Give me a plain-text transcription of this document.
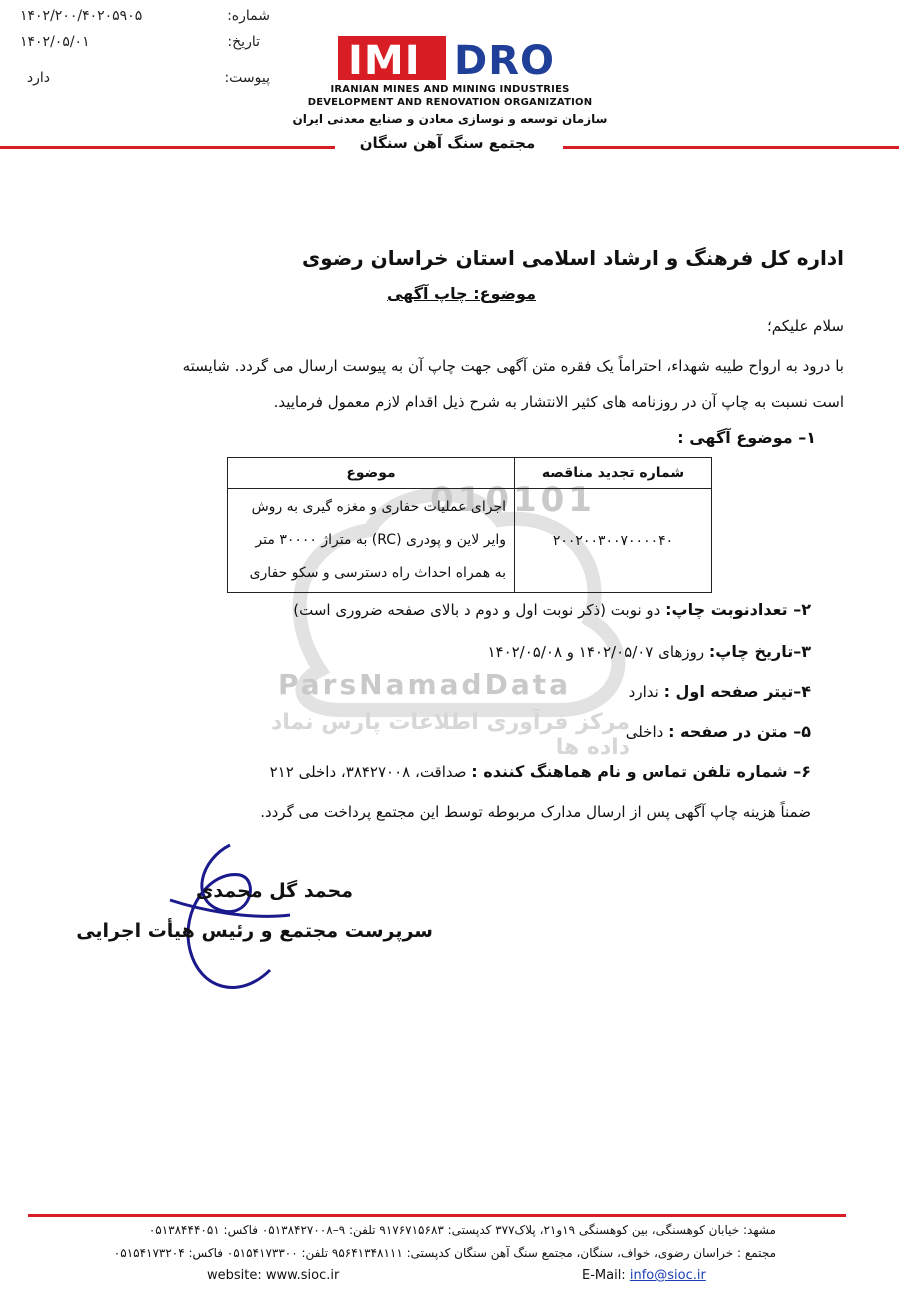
شماره:
۱۴۰۲/۲۰۰/۴۰۲۰۵۹۰۵
تاریخ:
۱۴۰۲/۰۵/۰۱
پیوست:
دارد	IMI DRO
IRANIAN MINES AND MINING INDUSTRIES
DEVELOPMENT AND RENOVATION ORGANIZATION
سازمان توسعه و نوسازی معادن و صنایع معدنی ایران
مجتمع سنگ آهن سنگان
010101
ParsNamadData
مرکز فرآوری اطلاعات پارس نماد داده ها
اداره کل فرهنگ و ارشاد اسلامی استان خراسان رضوی
موضوع: چاپ آگهی
سلام علیکم؛
با درود به ارواح طیبه شهداء، احتراماً یک فقره متن آگهی جهت چاپ آن به پیوست ارسال می گردد. شایسته
است نسبت به چاپ آن در روزنامه های کثیر الانتشار به شرح ذیل اقدام لازم معمول فرمایید.
۱– موضوع آگهی :
شماره تجدید مناقصه	موضوع
۲۰۰۲۰۰۳۰۰۷۰۰۰۰۴۰	اجرای عملیات حفاری و مغزه گیری به روش
وایر لاین و پودری (RC) به متراژ ۳۰۰۰۰ متر
به همراه احداث راه دسترسی و سکو حفاری
۲– تعدادنوبت چاپ: دو نوبت (ذکر نوبت اول و دوم د بالای صفحه ضروری است)
۳–تاریخ چاپ: روزهای ۱۴۰۲/۰۵/۰۷ و ۱۴۰۲/۰۵/۰۸
۴–تیتر صفحه اول : ندارد
۵– متن در صفحه : داخلی
۶– شماره تلفن تماس و نام هماهنگ کننده : صداقت، ۳۸۴۲۷۰۰۸، داخلی ۲۱۲
ضمناً هزینه چاپ آگهی پس از ارسال مدارک مربوطه توسط این مجتمع پرداخت می گردد.
محمد گل محمدی
سرپرست مجتمع و رئیس هیأت اجرایی
مشهد: خیابان کوهسنگی، بین کوهسنگی ۱۹و۲۱، پلاک۳۷۷ کدپستی: ۹۱۷۶۷۱۵۶۸۳ تلفن: ۹–۰۵۱۳۸۴۲۷۰۰۸ فاکس: ۰۵۱۳۸۴۴۴۰۵۱
مجتمع : خراسان رضوی، خواف، سنگان، مجتمع سنگ آهن سنگان کدپستی: ۹۵۶۴۱۳۴۸۱۱۱ تلفن: ۰۵۱۵۴۱۷۳۳۰۰ فاکس: ۰۵۱۵۴۱۷۳۲۰۴
website: www.sioc.ir	E-Mail: info@sioc.ir
